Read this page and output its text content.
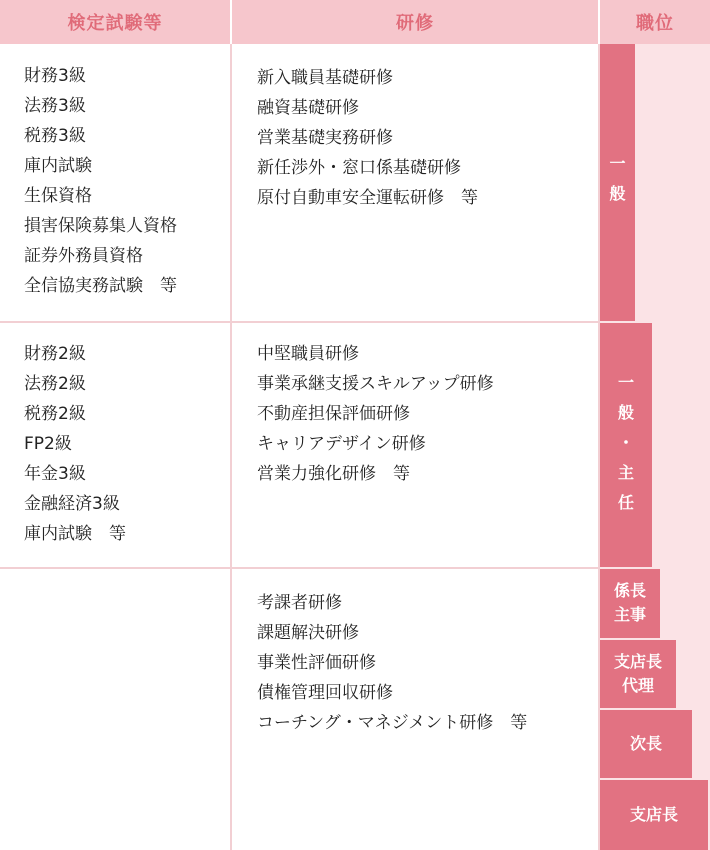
検定試験等	研修	職位
財務3級
法務3級
税務3級
庫内試験
生保資格
損害保険募集人資格
証券外務員資格
全信協実務試験　等
新入職員基礎研修
融資基礎研修
営業基礎実務研修
新任渉外・窓口係基礎研修
原付自動車安全運転研修　等
財務2級
法務2級
税務2級
FP2級
年金3級
金融経済3級
庫内試験　等
中堅職員研修
事業承継支援スキルアップ研修
不動産担保評価研修
キャリアデザイン研修
営業力強化研修　等
考課者研修
課題解決研修
事業性評価研修
債権管理回収研修
コーチング・マネジメント研修　等
一
般
一
般
・
主
任
係長
主事
支店長
代理
次長
支店長
